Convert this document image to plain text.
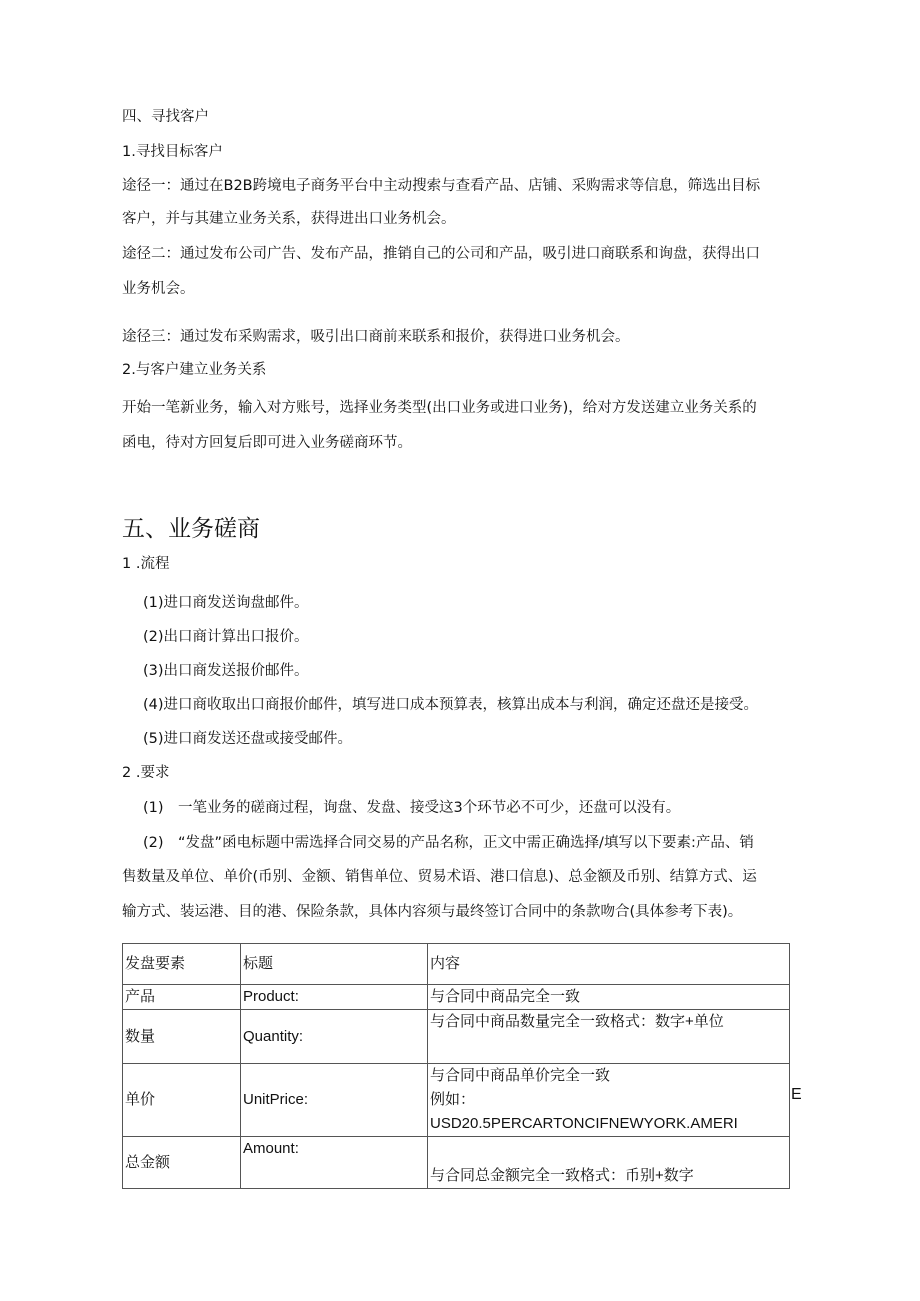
四、寻找客户
1.寻找目标客户
途径一：通过在B2B跨境电子商务平台中主动搜索与查看产品、店铺、采购需求等信息，筛选出目标
客户，并与其建立业务关系，获得进出口业务机会。
途径二：通过发布公司广告、发布产品，推销自己的公司和产品，吸引进口商联系和询盘，获得出口
业务机会。
途径三：通过发布采购需求，吸引出口商前来联系和报价，获得进口业务机会。
2.与客户建立业务关系
开始一笔新业务，输入对方账号，选择业务类型(出口业务或进口业务)，给对方发送建立业务关系的
函电，待对方回复后即可进入业务磋商环节。
五、业务磋商
1 .流程
(1)进口商发送询盘邮件。
(2)出口商计算出口报价。
(3)出口商发送报价邮件。
(4)进口商收取出口商报价邮件，填写进口成本预算表，核算出成本与利润，确定还盘还是接受。
(5)进口商发送还盘或接受邮件。
2 .要求
(1)　一笔业务的磋商过程，询盘、发盘、接受这3个环节必不可少，还盘可以没有。
(2)　“发盘”函电标题中需选择合同交易的产品名称，正文中需正确选择/填写以下要素:产品、销
售数量及单位、单价(币别、金额、销售单位、贸易术语、港口信息)、总金额及币别、结算方式、运
输方式、装运港、目的港、保险条款，具体内容须与最终签订合同中的条款吻合(具体参考下表)。
发盘要素	标题	内容
产品	Product:	与合同中商品完全一致
数量	Quantity:	与合同中商品数量完全一致格式：数字+单位
单价	UnitPrice:	与合同中商品单价完全一致
例如：
USD20.5PERCARTONCIFNEWYORK.AMERI

总金额	Amount:	与合同总金额完全一致格式：币别+数字
E
